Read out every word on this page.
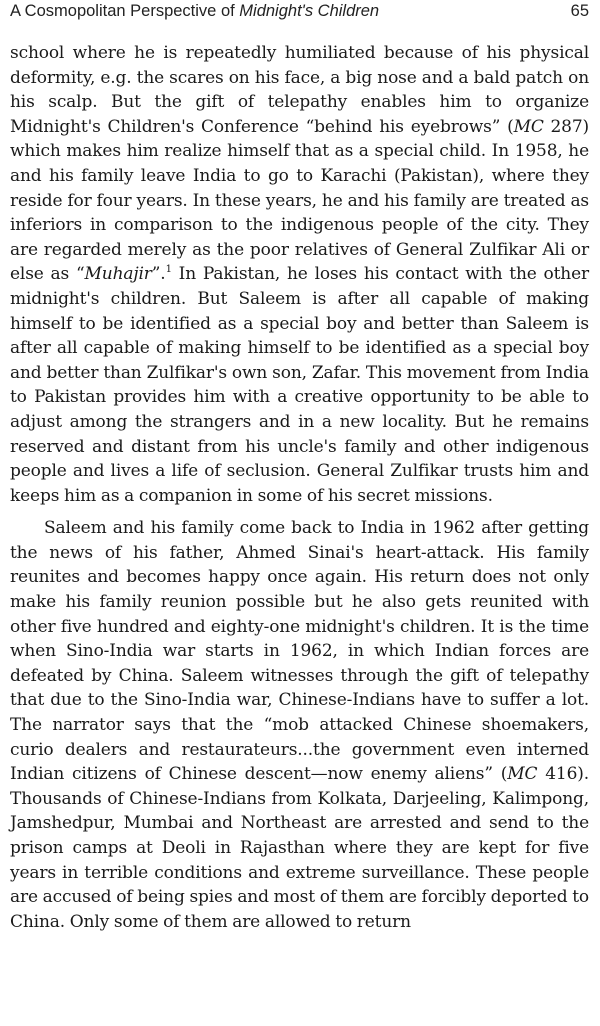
A Cosmopolitan Perspective of Midnight's Children	65

school where he is repeatedly humiliated because of his physical deformity, e.g. the scares on his face, a big nose and a bald patch on his scalp. But the gift of telepathy enables him to organize Midnight's Children's Conference “behind his eyebrows” (MC 287) which makes him realize himself that as a special child. In 1958, he and his family leave India to go to Karachi (Pakistan), where they reside for four years. In these years, he and his family are treated as inferiors in comparison to the indigenous people of the city. They are regarded merely as the poor relatives of General Zulfikar Ali or else as “Muhajir”.$^1$ In Pakistan, he loses his contact with the other midnight's children. But Saleem is after all capable of making himself to be identified as a special boy and better than Saleem is after all capable of making himself to be identified as a special boy and better than Zulfikar's own son, Zafar. This movement from India to Pakistan provides him with a creative opportunity to be able to adjust among the strangers and in a new locality. But he remains reserved and distant from his uncle's family and other indigenous people and lives a life of seclusion. General Zulfikar trusts him and keeps him as a companion in some of his secret missions.

Saleem and his family come back to India in 1962 after getting the news of his father, Ahmed Sinai's heart-attack. His family reunites and becomes happy once again. His return does not only make his family reunion possible but he also gets reunited with other five hundred and eighty-one midnight's children. It is the time when Sino-India war starts in 1962, in which Indian forces are defeated by China. Saleem witnesses through the gift of telepathy that due to the Sino-India war, Chinese-Indians have to suffer a lot. The narrator says that the “mob attacked Chinese shoemakers, curio dealers and restaurateurs...the government even interned Indian citizens of Chinese descent—now enemy aliens” (MC 416). Thousands of Chinese-Indians from Kolkata, Darjeeling, Kalimpong, Jamshedpur, Mumbai and Northeast are arrested and send to the prison camps at Deoli in Rajasthan where they are kept for five years in terrible conditions and extreme surveillance. These people are accused of being spies and most of them are forcibly deported to China. Only some of them are allowed to return
